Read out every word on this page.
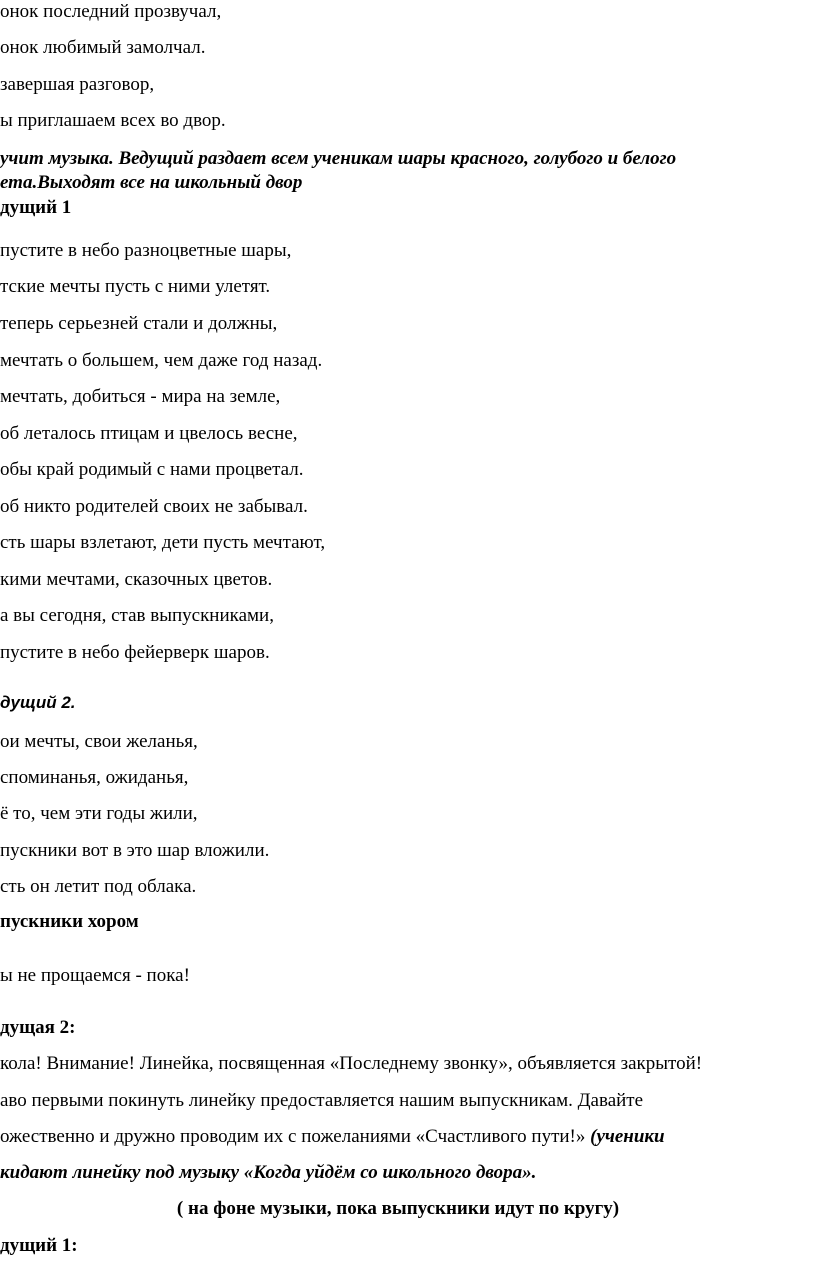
онок последний прозвучал,
онок любимый замолчал.
завершая разговор,
ы приглашаем всех во двор.
учит музыка. Ведущий раздает всем ученикам шары красного, голубого и белого
ета.Выходят все на школьный двор
дущий 1
пустите в небо разноцветные шары,
тские мечты пусть с ними улетят.
теперь серьезней стали и должны,
мечтать о большем, чем даже год назад.
мечтать, добиться - мира на земле,
об леталось птицам и цвелось весне,
обы край родимый с нами процветал.
об никто родителей своих не забывал.
сть шары взлетают, дети пусть мечтают,
кими мечтами, сказочных цветов.
а вы сегодня, став выпускниками,
пустите в небо фейерверк шаров.
дущий 2.
ои мечты, свои желанья,
споминанья, ожиданья,
ё то, чем эти годы жили,
пускники вот в это шар вложили.
сть он летит под облака.
пускники хором
ы не прощаемся - пока!
дущая 2:
кола! Внимание! Линейка, посвященная «Последнему звонку», объявляется закрытой!
аво первыми покинуть линейку предоставляется нашим выпускникам. Давайте
ожественно и дружно проводим их с пожеланиями «Счастливого пути!» (ученики
кидают линейку под музыку «Когда уйдём со школьного двора».
( на фоне музыки, пока выпускники идут по кругу)
дущий 1:
